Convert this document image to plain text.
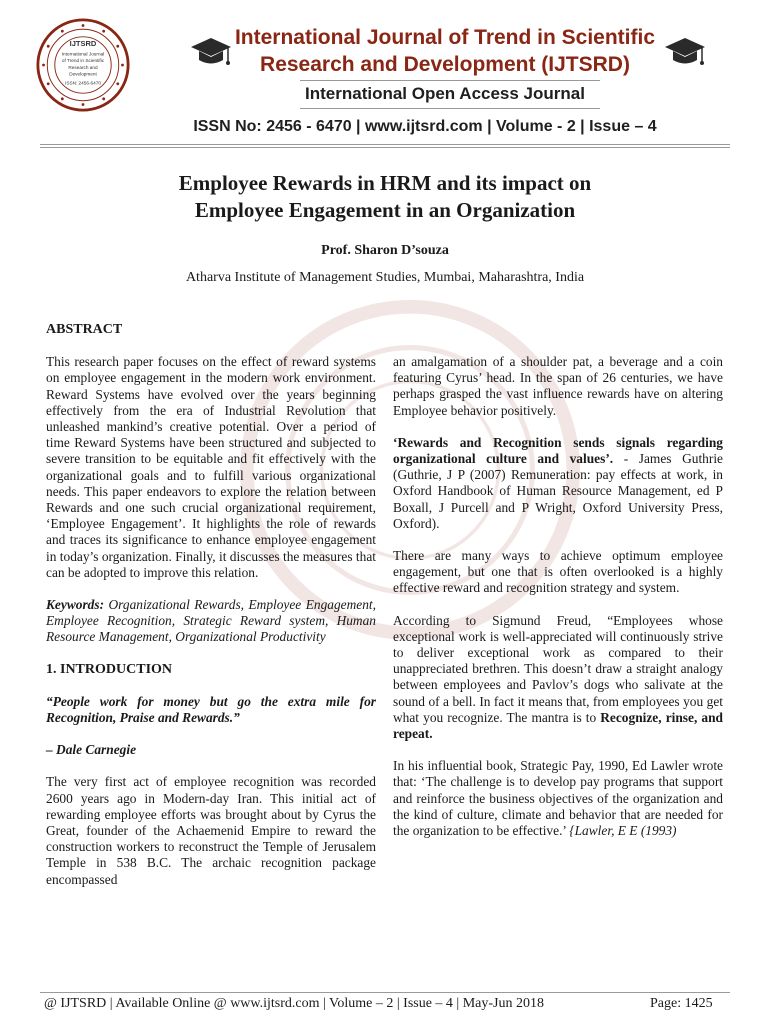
IJTSRD
International Journal
of Trend in Scientific
Research and
Development
ISSN: 2456-6470
International Journal of Trend in Scientific
Research and Development (IJTSRD)
International Open Access Journal
ISSN No: 2456 - 6470 | www.ijtsrd.com | Volume - 2 | Issue – 4
Employee Rewards in HRM and its impact on
Employee Engagement in an Organization
Prof. Sharon D’souza
Atharva Institute of Management Studies, Mumbai, Maharashtra, India
ABSTRACT

This research paper focuses on the effect of reward systems on employee engagement in the modern work environment. Reward Systems have evolved over the years beginning effectively from the era of Industrial Revolution that unleashed mankind’s creative potential. Over a period of time Reward Systems have been structured and subjected to severe transition to be equitable and fit effectively with the organizational goals and to fulfill various organizational needs. This paper endeavors to explore the relation between Rewards and one such crucial organizational requirement, ‘Employee Engagement’. It highlights the role of rewards and traces its significance to enhance employee engagement in today’s organization. Finally, it discusses the measures that can be adopted to improve this relation.

Keywords: Organizational Rewards, Employee Engagement, Employee Recognition, Strategic Reward system, Human Resource Management, Organizational Productivity

1. INTRODUCTION

“People work for money but go the extra mile for Recognition, Praise and Rewards.”

– Dale Carnegie

The very first act of employee recognition was recorded 2600 years ago in Modern-day Iran. This initial act of rewarding employee efforts was brought about by Cyrus the Great, founder of the Achaemenid Empire to reward the construction workers to reconstruct the Temple of Jerusalem Temple in 538 B.C. The archaic recognition package encompassed

an amalgamation of a shoulder pat, a beverage and a coin featuring Cyrus’ head. In the span of 26 centuries, we have perhaps grasped the vast influence rewards have on altering Employee behavior positively.

‘Rewards and Recognition sends signals regarding organizational culture and values’. - James Guthrie (Guthrie, J P (2007) Remuneration: pay effects at work, in Oxford Handbook of Human Resource Management, ed P Boxall, J Purcell and P Wright, Oxford University Press, Oxford).

There are many ways to achieve optimum employee engagement, but one that is often overlooked is a highly effective reward and recognition strategy and system.

According to Sigmund Freud, “Employees whose exceptional work is well-appreciated will continuously strive to deliver exceptional work as compared to their unappreciated brethren. This doesn’t draw a straight analogy between employees and Pavlov’s dogs who salivate at the sound of a bell. In fact it means that, from employees you get what you recognize. The mantra is to Recognize, rinse, and repeat.

In his influential book, Strategic Pay, 1990, Ed Lawler wrote that: ‘The challenge is to develop pay programs that support and reinforce the business objectives of the organization and the kind of culture, climate and behavior that are needed for the organization to be effective.’ {Lawler, E E (1993)

@ IJTSRD | Available Online @ www.ijtsrd.com | Volume – 2 | Issue – 4 | May-Jun 2018	Page: 1425
